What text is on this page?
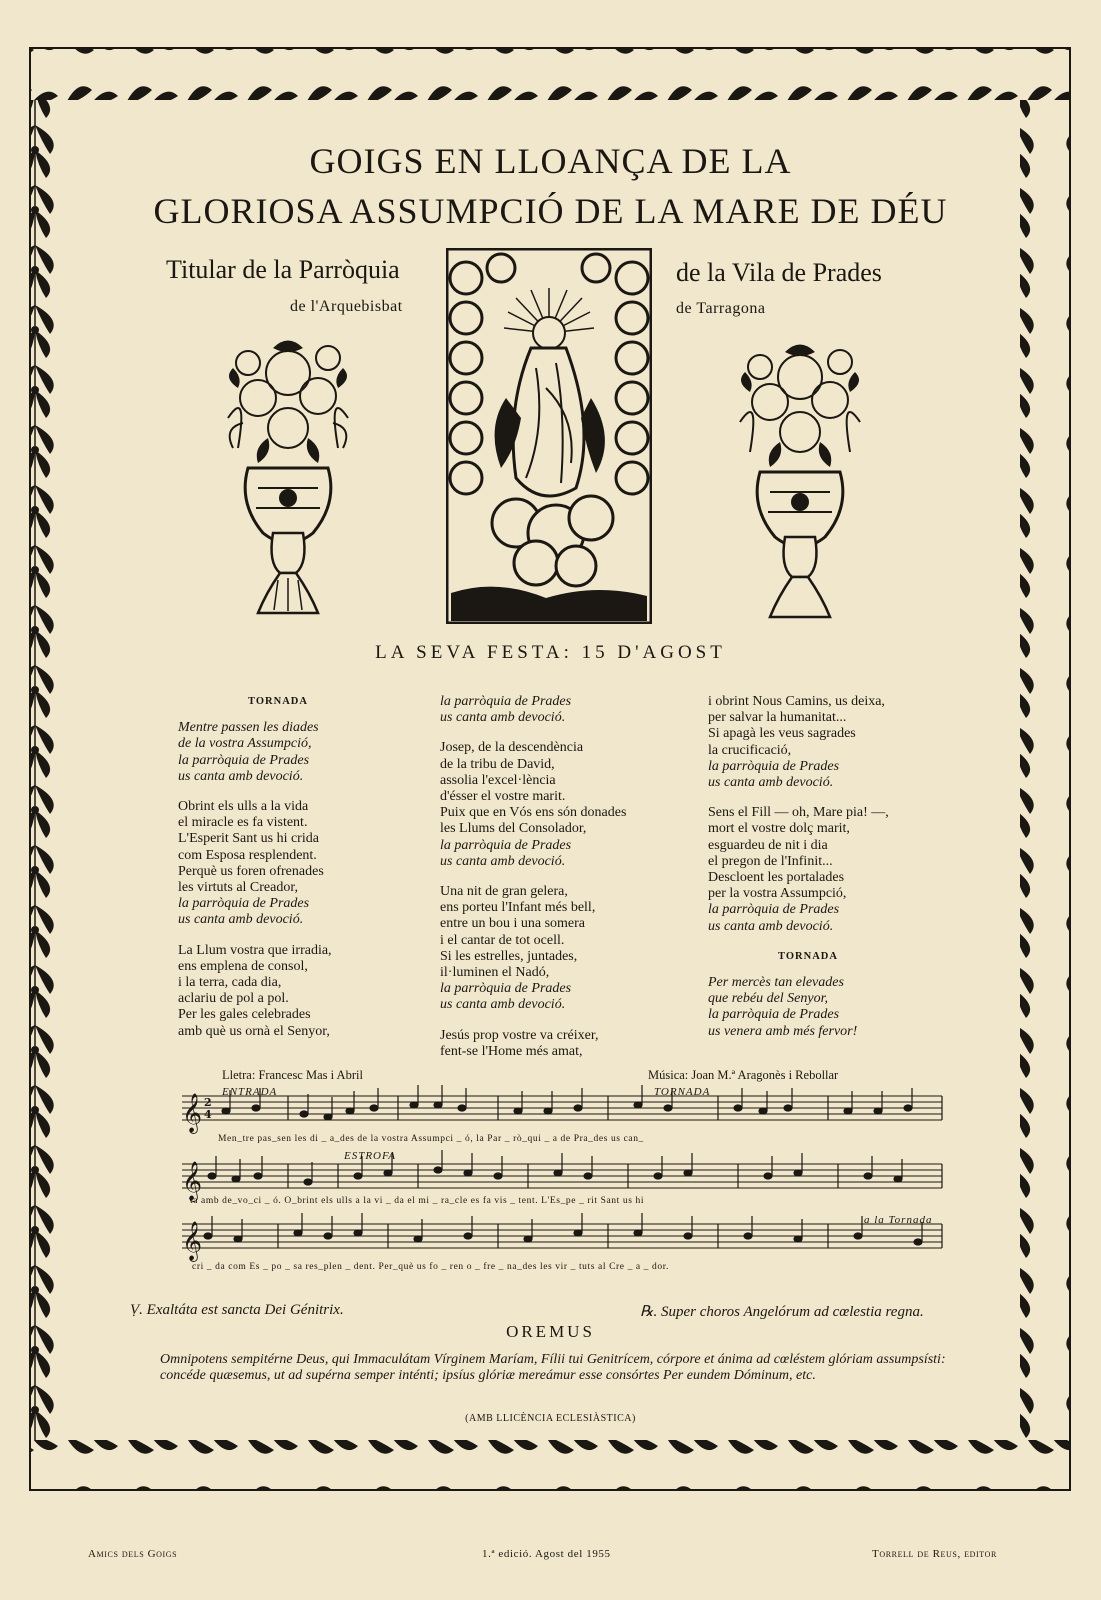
GOIGS EN LLOANÇA DE LA
GLORIOSA ASSUMPCIÓ DE LA MARE DE DÉU
Titular de la Parròquia
de l'Arquebisbat
de la Vila de Prades
de Tarragona
LA SEVA FESTA: 15 D'AGOST
TORNADA
Mentre passen les diades
de la vostra Assumpció,
la parròquia de Prades
us canta amb devoció.
Obrint els ulls a la vida
el miracle es fa vistent.
L'Esperit Sant us hi crida
com Esposa resplendent.
Perquè us foren ofrenades
les virtuts al Creador,
la parròquia de Prades
us canta amb devoció.
La Llum vostra que irradia,
ens emplena de consol,
i la terra, cada dia,
aclariu de pol a pol.
Per les gales celebrades
amb què us ornà el Senyor,
la parròquia de Prades
us canta amb devoció.
Josep, de la descendència
de la tribu de David,
assolia l'excel·lència
d'ésser el vostre marit.
Puix que en Vós ens són donades
les Llums del Consolador,
la parròquia de Prades
us canta amb devoció.
Una nit de gran gelera,
ens porteu l'Infant més bell,
entre un bou i una somera
i el cantar de tot ocell.
Si les estrelles, juntades,
il·luminen el Nadó,
la parròquia de Prades
us canta amb devoció.
Jesús prop vostre va créixer,
fent-se l'Home més amat,
i obrint Nous Camins, us deixa,
per salvar la humanitat...
Si apagà les veus sagrades
la crucificació,
la parròquia de Prades
us canta amb devoció.
Sens el Fill — oh, Mare pia! —,
mort el vostre dolç marit,
esguardeu de nit i dia
el pregon de l'Infinit...
Descloent les portalades
per la vostra Assumpció,
la parròquia de Prades
us canta amb devoció.
TORNADA
Per mercès tan elevades
que rebéu del Senyor,
la parròquia de Prades
us venera amb més fervor!
Lletra: Francesc Mas i Abril	Música: Joan M.ª Aragonès i Rebollar
𝄞
𝄞
𝄞
2
4
ENTRADA	TORNADA
ESTROFA
a la Tornada
Men_tre pas_sen les di _ a_des de la vostra Assumpci _ ó, la Par _ rò_qui _ a de Pra_des us can_
ta amb de_vo_ci _ ó. O_brint els ulls a la vi _ da el mi _ ra_cle es fa vis _ tent. L'Es_pe _ rit Sant us hi
cri _ da com Es _ po _ sa res_plen _ dent. Per_què us fo _ ren o _ fre _ na_des les vir _ tuts al Cre _ a _ dor.
Ṿ. Exaltáta est sancta Dei Génitrix.	℞. Super choros Angelórum ad cœlestia regna.
OREMUS
Omnipotens sempitérne Deus, qui Immaculátam Vírginem Maríam, Fílii tui Genitrícem, córpore et ánima ad cœléstem glóriam assumpsísti: concéde quæsemus, ut ad supérna semper inténti; ipsíus glóriæ mereámur esse consórtes Per eundem Dóminum, etc.
(AMB LLICÈNCIA ECLESIÀSTICA)
Amics dels Goigs	1.ª edició. Agost del 1955	Torrell de Reus, editor
